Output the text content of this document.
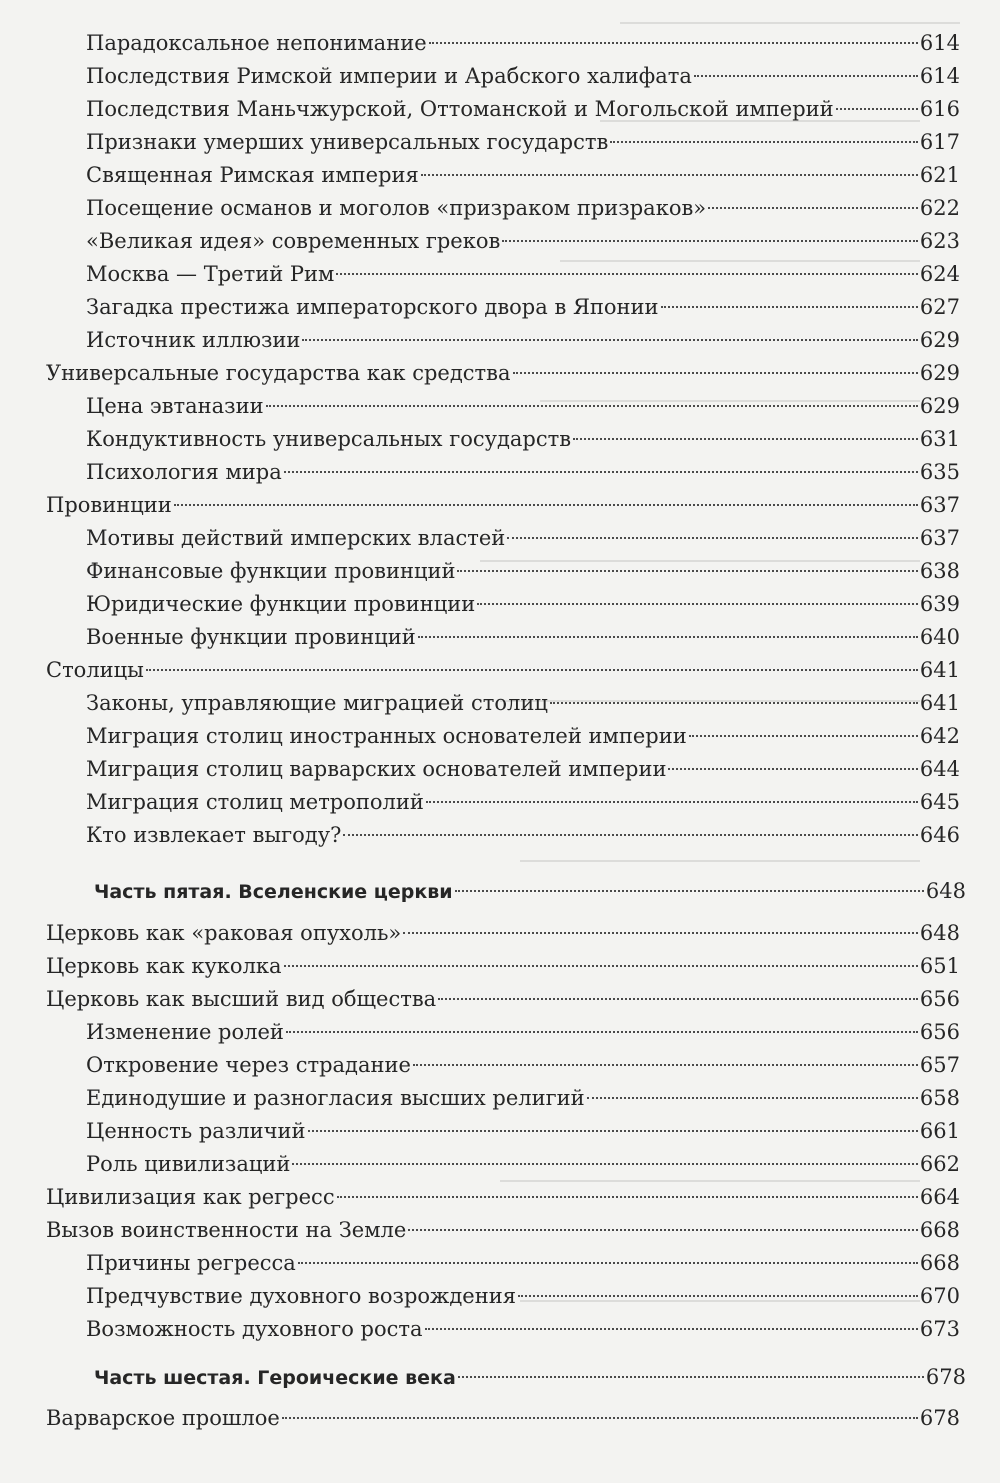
Парадоксальное непонимание	614
Последствия Римской империи и Арабского халифата	614
Последствия Маньчжурской, Оттоманской и Могольской империй	616
Признаки умерших универсальных государств	617
Священная Римская империя	621
Посещение османов и моголов «призраком призраков»	622
«Великая идея» современных греков	623
Москва — Третий Рим	624
Загадка престижа императорского двора в Японии	627
Источник иллюзии	629
Универсальные государства как средства	629
Цена эвтаназии	629
Кондуктивность универсальных государств	631
Психология мира	635
Провинции	637
Мотивы действий имперских властей	637
Финансовые функции провинций	638
Юридические функции провинции	639
Военные функции провинций	640
Столицы	641
Законы, управляющие миграцией столиц	641
Миграция столиц иностранных основателей империи	642
Миграция столиц варварских основателей империи	644
Миграция столиц метрополий	645
Кто извлекает выгоду?	646
Часть пятая. Вселенские церкви	648
Церковь как «раковая опухоль»	648
Церковь как куколка	651
Церковь как высший вид общества	656
Изменение ролей	656
Откровение через страдание	657
Единодушие и разногласия высших религий	658
Ценность различий	661
Роль цивилизаций	662
Цивилизация как регресс	664
Вызов воинственности на Земле	668
Причины регресса	668
Предчувствие духовного возрождения	670
Возможность духовного роста	673
Часть шестая. Героические века	678
Варварское прошлое	678
